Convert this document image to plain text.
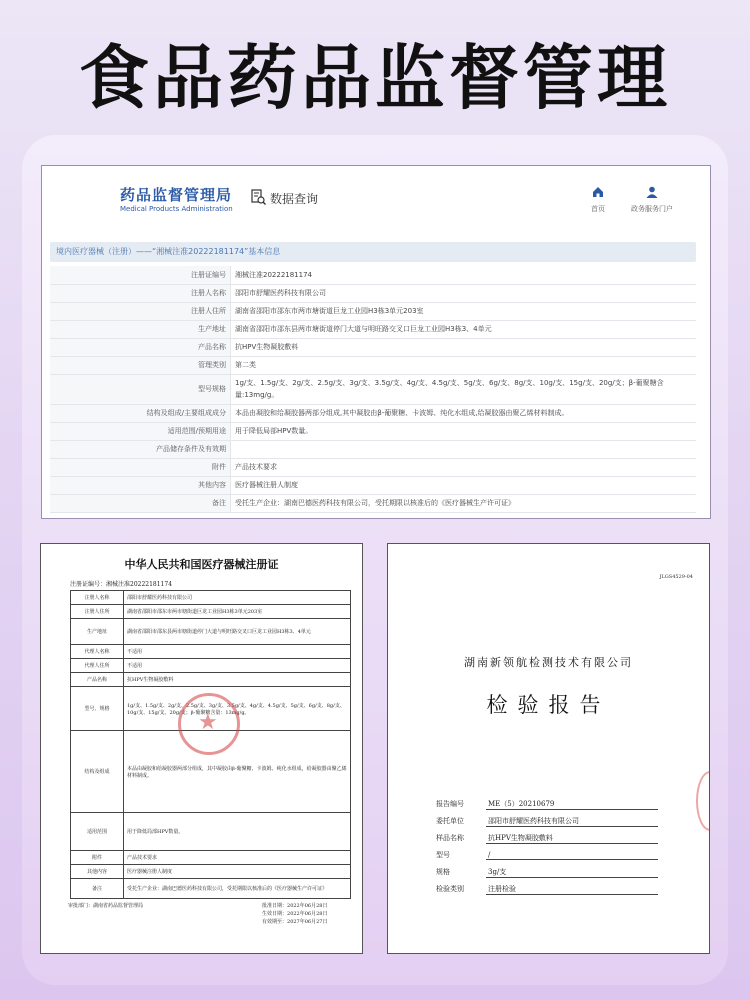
食品药品监督管理
药品监督管理局
Medical Products Administration
数据查询
首页	政务服务门户
境内医疗器械（注册）——“湘械注准20222181174”基本信息
注册证编号	湘械注准20222181174
注册人名称	邵阳市舒耀医药科技有限公司
注册人住所	湖南省邵阳市邵东市两市塘街道巨龙工业园H3栋3单元203室
生产地址	湖南省邵阳市邵东县两市塘街道停门大道与明旺路交叉口巨龙工业园H3栋3、4单元
产品名称	抗HPV生物凝胶敷料
管理类别	第二类
型号规格	1g/支、1.5g/支、2g/支、2.5g/支、3g/支、3.5g/支、4g/支、4.5g/支、5g/支、6g/支、8g/支、10g/支、15g/支、20g/支；β-葡聚糖含量:13mg/g。
结构及组成/主要组成成分	本品由凝胶和给凝胶器两部分组成,其中凝胶由β-葡聚糖、卡波姆、纯化水组成,给凝胶器由聚乙烯材料制成。
适用范围/预期用途	用于降低局部HPV数量。
产品储存条件及有效期	
附件	产品技术要求
其他内容	医疗器械注册人制度
备注	受托生产企业：湖南巴德医药科技有限公司，受托期限以核准后的《医疗器械生产许可证》
中华人民共和国医疗器械注册证
注册证编号：湘械注准20222181174
注册人名称	邵阳市舒耀医药科技有限公司
注册人住所	湖南省邵阳市邵东市两市塘街道巨龙工业园H3栋3单元203室
生产地址	湖南省邵阳市邵东县两市塘街道停门大道与明旺路交叉口巨龙工业园H3栋3、4单元
代理人名称	不适用
代理人住所	不适用
产品名称	抗HPV生物凝胶敷料
型号、规格	1g/支、1.5g/支、2g/支、2.5g/支、3g/支、3.5g/支、4g/支、4.5g/支、5g/支、6g/支、8g/支、10g/支、15g/支、20g/支；β-葡聚糖含量：13mg/g。
结构及组成	本品由凝胶和给凝胶器两部分组成，其中凝胶由β-葡聚糖、卡波姆、纯化水组成，给凝胶器由聚乙烯材料制成。
适用范围	用于降低局部HPV数量。
附件	产品技术要求
其他内容	医疗器械注册人制度
备注	受托生产企业：湖南巴德医药科技有限公司，受托期限以核准后的《医疗器械生产许可证》
审批部门：湖南省药品监督管理局	批准日期：2022年06月28日
生效日期：2022年06月28日
有效期至：2027年06月27日
★
JLGS4529-04
湖南新领航检测技术有限公司
检验报告
报告编号	ME（5）20210679
委托单位	邵阳市舒耀医药科技有限公司
样品名称	抗HPV生物凝胶敷料
型号	/
规格	3g/支
检验类别	注册检验
